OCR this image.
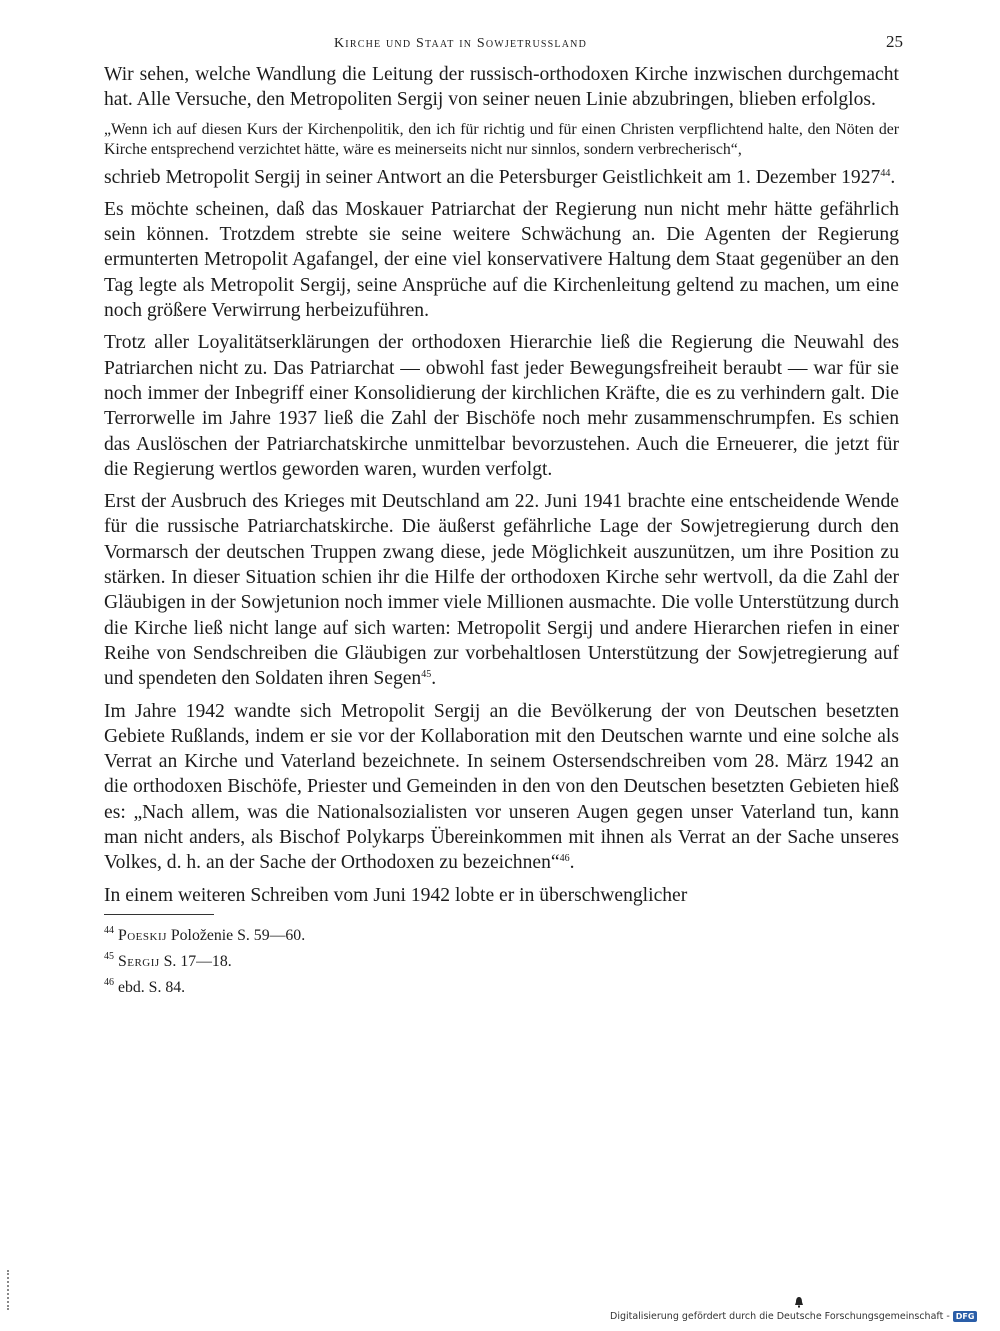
Kirche und Staat in Sowjetrussland	25

Wir sehen, welche Wandlung die Leitung der russisch-orthodoxen Kirche inzwischen durchgemacht hat. Alle Versuche, den Metropoliten Sergij von seiner neuen Linie abzubringen, blieben erfolglos.

„Wenn ich auf diesen Kurs der Kirchenpolitik, den ich für richtig und für einen Christen verpflichtend halte, den Nöten der Kirche entsprechend verzichtet hätte, wäre es meinerseits nicht nur sinnlos, sondern verbrecherisch“,

schrieb Metropolit Sergij in seiner Antwort an die Petersburger Geistlichkeit am 1. Dezember 1927$^{44}$.

Es möchte scheinen, daß das Moskauer Patriarchat der Regierung nun nicht mehr hätte gefährlich sein können. Trotzdem strebte sie seine weitere Schwächung an. Die Agenten der Regierung ermunterten Metropolit Agafangel, der eine viel konservativere Haltung dem Staat gegenüber an den Tag legte als Metropolit Sergij, seine Ansprüche auf die Kirchenleitung geltend zu machen, um eine noch größere Verwirrung herbeizuführen.

Trotz aller Loyalitätserklärungen der orthodoxen Hierarchie ließ die Regierung die Neuwahl des Patriarchen nicht zu. Das Patriarchat — obwohl fast jeder Bewegungsfreiheit beraubt — war für sie noch immer der Inbegriff einer Konsolidierung der kirchlichen Kräfte, die es zu verhindern galt. Die Terrorwelle im Jahre 1937 ließ die Zahl der Bischöfe noch mehr zusammenschrumpfen. Es schien das Auslöschen der Patriarchatskirche unmittelbar bevorzustehen. Auch die Erneuerer, die jetzt für die Regierung wertlos geworden waren, wurden verfolgt.

Erst der Ausbruch des Krieges mit Deutschland am 22. Juni 1941 brachte eine entscheidende Wende für die russische Patriarchatskirche. Die äußerst gefährliche Lage der Sowjetregierung durch den Vormarsch der deutschen Truppen zwang diese, jede Möglichkeit auszunützen, um ihre Position zu stärken. In dieser Situation schien ihr die Hilfe der orthodoxen Kirche sehr wertvoll, da die Zahl der Gläubigen in der Sowjetunion noch immer viele Millionen ausmachte. Die volle Unterstützung durch die Kirche ließ nicht lange auf sich warten: Metropolit Sergij und andere Hierarchen riefen in einer Reihe von Sendschreiben die Gläubigen zur vorbehaltlosen Unterstützung der Sowjetregierung auf und spendeten den Soldaten ihren Segen$^{45}$.

Im Jahre 1942 wandte sich Metropolit Sergij an die Bevölkerung der von Deutschen besetzten Gebiete Rußlands, indem er sie vor der Kollaboration mit den Deutschen warnte und eine solche als Verrat an Kirche und Vaterland bezeichnete. In seinem Ostersendschreiben vom 28. März 1942 an die orthodoxen Bischöfe, Priester und Gemeinden in den von den Deutschen besetzten Gebieten hieß es: „Nach allem, was die Nationalsozialisten vor unseren Augen gegen unser Vaterland tun, kann man nicht anders, als Bischof Polykarps Übereinkommen mit ihnen als Verrat an der Sache unseres Volkes, d. h. an der Sache der Orthodoxen zu bezeichnen“$^{46}$.

In einem weiteren Schreiben vom Juni 1942 lobte er in überschwenglicher

$^{44}$ Poeskij Položenie S. 59—60.
$^{45}$ Sergij S. 17—18.
$^{46}$ ebd. S. 84.
Digitalisierung gefördert durch die Deutsche Forschungsgemeinschaft - DFG
